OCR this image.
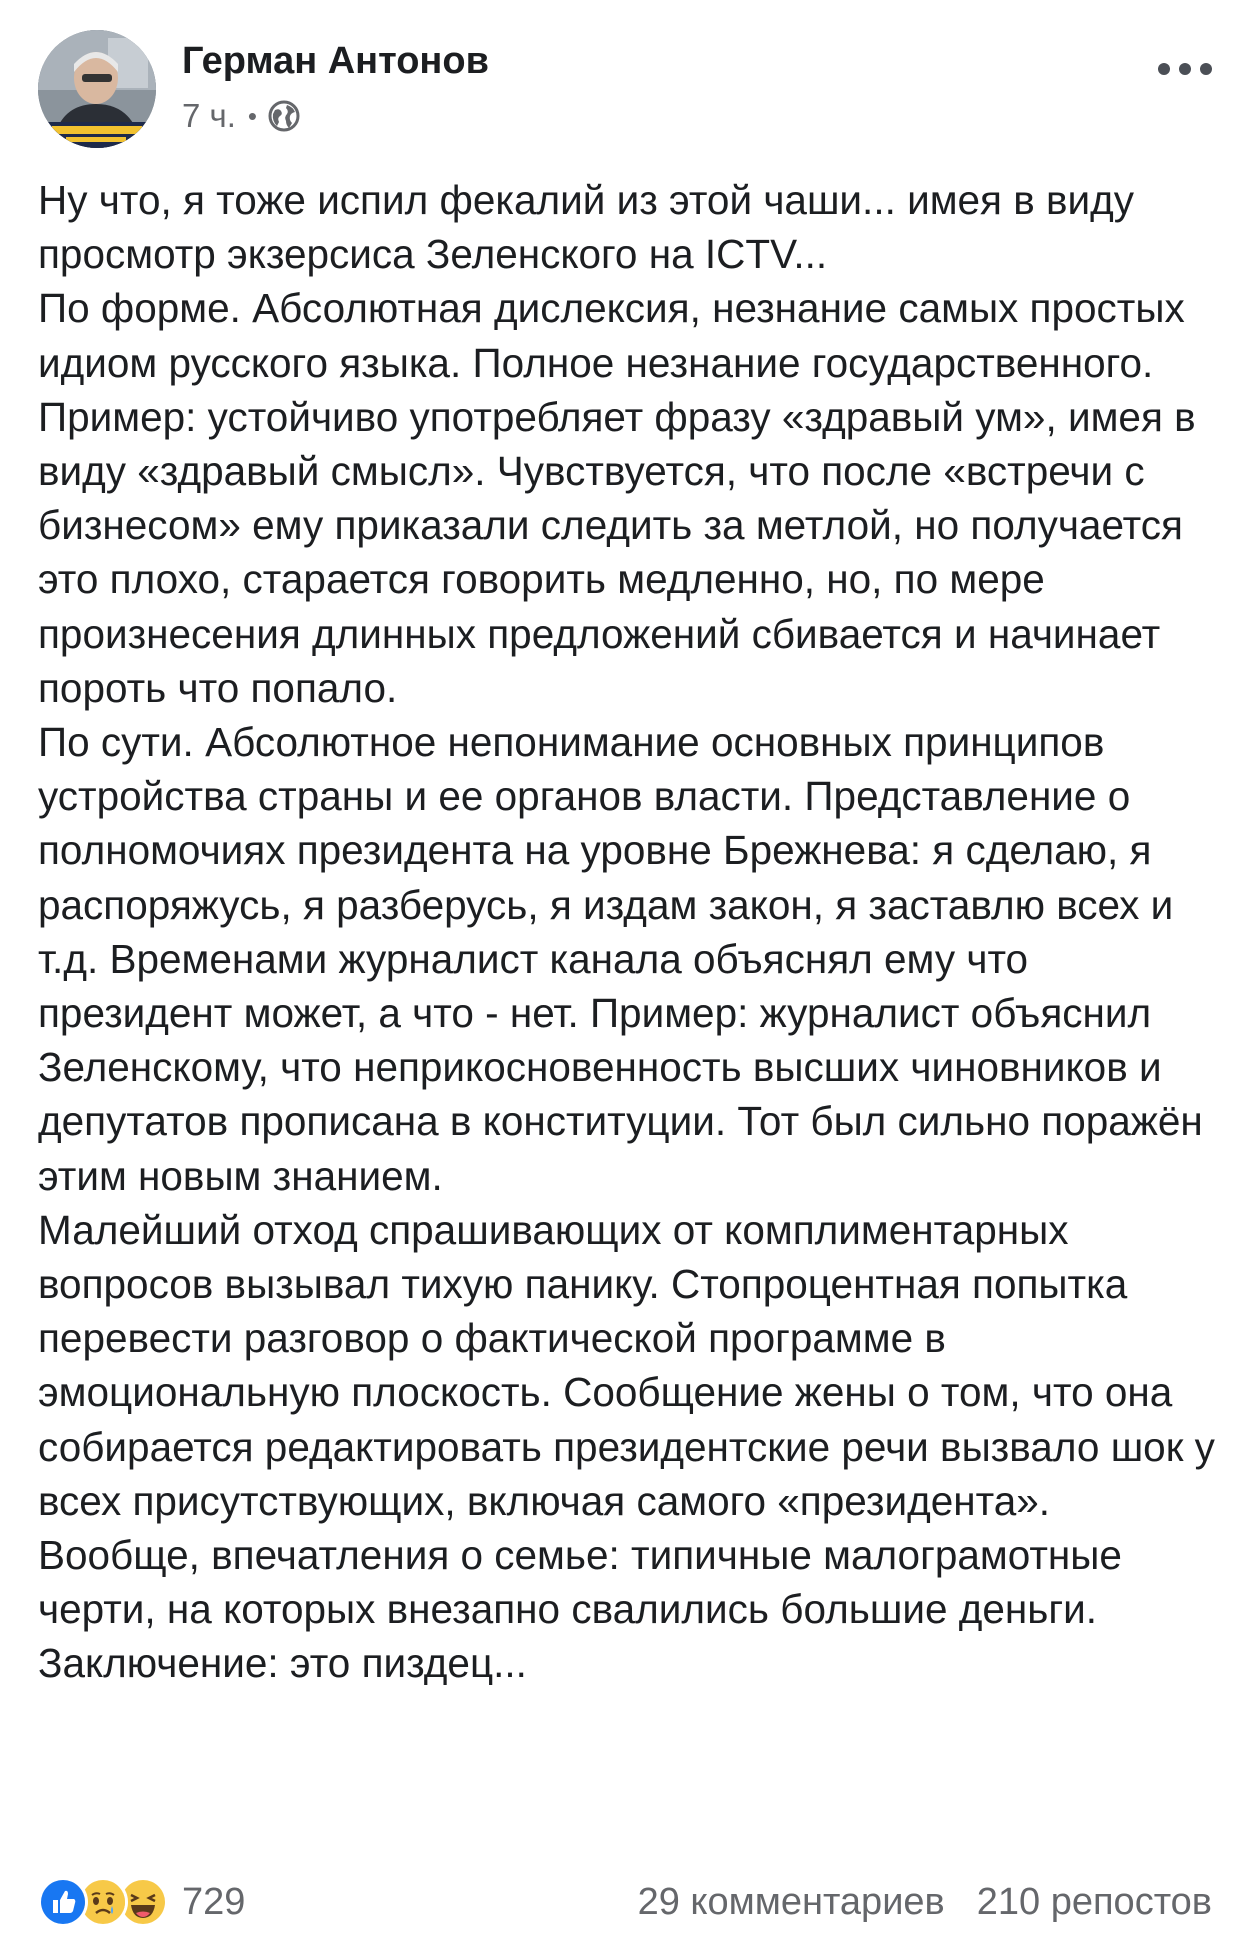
Герман Антонов
7 ч. •

Ну что, я тоже испил фекалий из этой чаши... имея в виду просмотр экзерсиса Зеленского на ICTV...

По форме. Абсолютная дислексия, незнание самых простых идиом русского языка. Полное незнание государственного. Пример: устойчиво употребляет фразу «здравый ум», имея в виду «здравый смысл». Чувствуется, что после «встречи с бизнесом» ему приказали следить за метлой, но получается это плохо, старается говорить медленно, но, по мере произнесения длинных предложений сбивается и начинает пороть что попало.

По сути. Абсолютное непонимание основных принципов устройства страны и ее органов власти. Представление о полномочиях президента на уровне Брежнева: я сделаю, я распоряжусь, я разберусь, я издам закон, я заставлю всех и т.д. Временами журналист канала объяснял ему что президент может, а что - нет. Пример: журналист объяснил Зеленскому, что неприкосновенность высших чиновников и депутатов прописана в конституции. Тот был сильно поражён этим новым знанием.

Малейший отход спрашивающих от комплиментарных вопросов вызывал тихую панику. Стопроцентная попытка перевести разговор о фактической программе в эмоциональную плоскость. Сообщение жены о том, что она собирается редактировать президентские речи вызвало шок у всех присутствующих, включая самого «президента».

Вообще, впечатления о семье: типичные малограмотные черти, на которых внезапно свалились большие деньги.

Заключение: это пиздец...

729	29 комментариев 210 репостов
